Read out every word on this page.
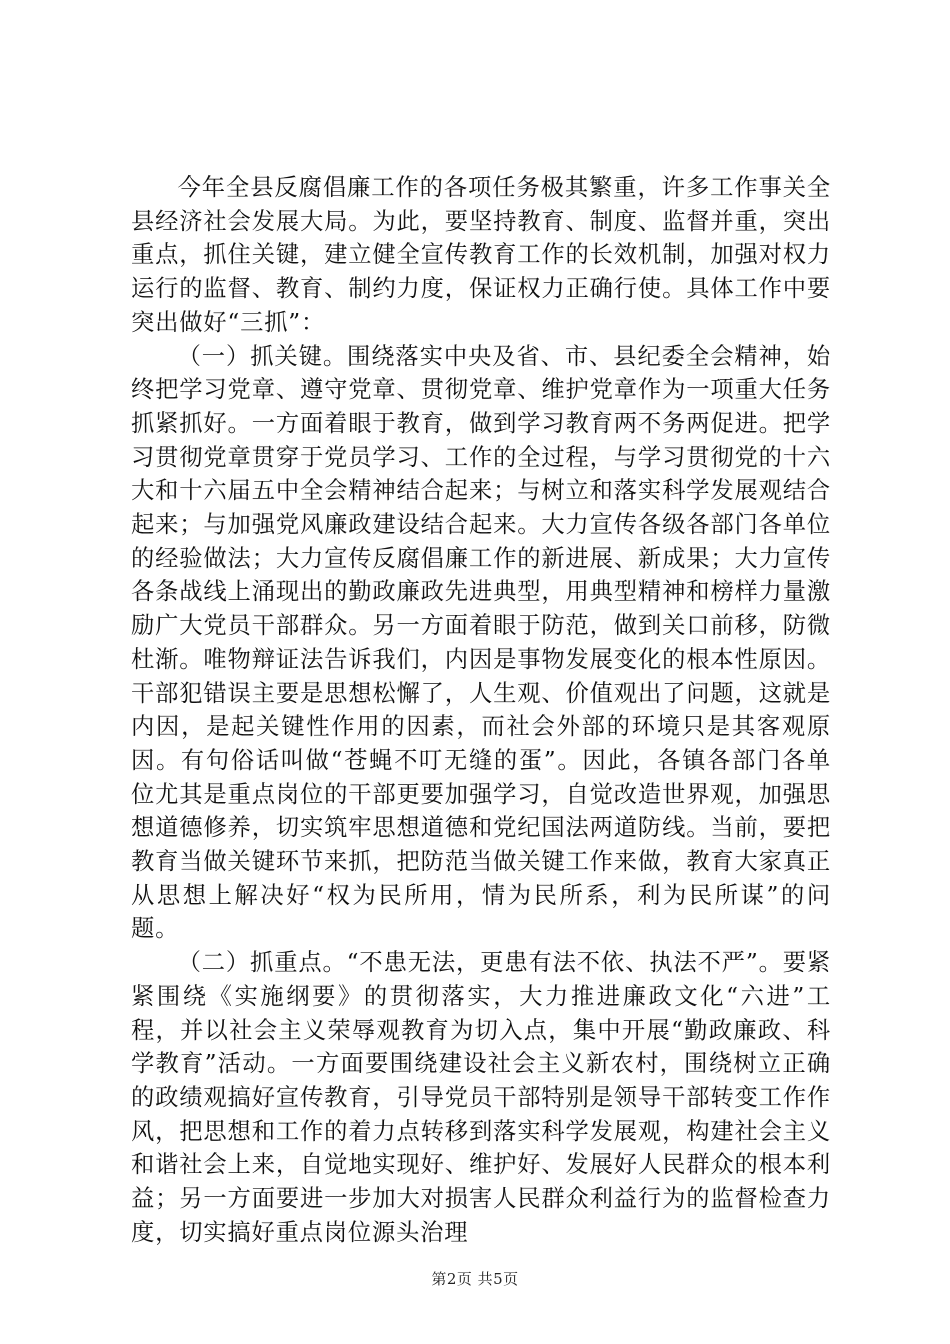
今年全县反腐倡廉工作的各项任务极其繁重，许多工作事关全县经济社会发展大局。为此，要坚持教育、制度、监督并重，突出重点，抓住关键，建立健全宣传教育工作的长效机制，加强对权力运行的监督、教育、制约力度，保证权力正确行使。具体工作中要突出做好“三抓”：

（一）抓关键。围绕落实中央及省、市、县纪委全会精神，始终把学习党章、遵守党章、贯彻党章、维护党章作为一项重大任务抓紧抓好。一方面着眼于教育，做到学习教育两不务两促进。把学习贯彻党章贯穿于党员学习、工作的全过程，与学习贯彻党的十六大和十六届五中全会精神结合起来；与树立和落实科学发展观结合起来；与加强党风廉政建设结合起来。大力宣传各级各部门各单位的经验做法；大力宣传反腐倡廉工作的新进展、新成果；大力宣传各条战线上涌现出的勤政廉政先进典型，用典型精神和榜样力量激励广大党员干部群众。另一方面着眼于防范，做到关口前移，防微杜渐。唯物辩证法告诉我们，内因是事物发展变化的根本性原因。干部犯错误主要是思想松懈了，人生观、价值观出了问题，这就是内因，是起关键性作用的因素，而社会外部的环境只是其客观原因。有句俗话叫做“苍蝇不叮无缝的蛋”。因此，各镇各部门各单位尤其是重点岗位的干部更要加强学习，自觉改造世界观，加强思想道德修养，切实筑牢思想道德和党纪国法两道防线。当前，要把教育当做关键环节来抓，把防范当做关键工作来做，教育大家真正从思想上解决好“权为民所用，情为民所系，利为民所谋”的问题。

（二）抓重点。“不患无法，更患有法不依、执法不严”。要紧紧围绕《实施纲要》的贯彻落实，大力推进廉政文化“六进”工程，并以社会主义荣辱观教育为切入点，集中开展“勤政廉政、科学教育”活动。一方面要围绕建设社会主义新农村，围绕树立正确的政绩观搞好宣传教育，引导党员干部特别是领导干部转变工作作风，把思想和工作的着力点转移到落实科学发展观，构建社会主义和谐社会上来，自觉地实现好、维护好、发展好人民群众的根本利益；另一方面要进一步加大对损害人民群众利益行为的监督检查力度，切实搞好重点岗位源头治理

第2页 共5页
